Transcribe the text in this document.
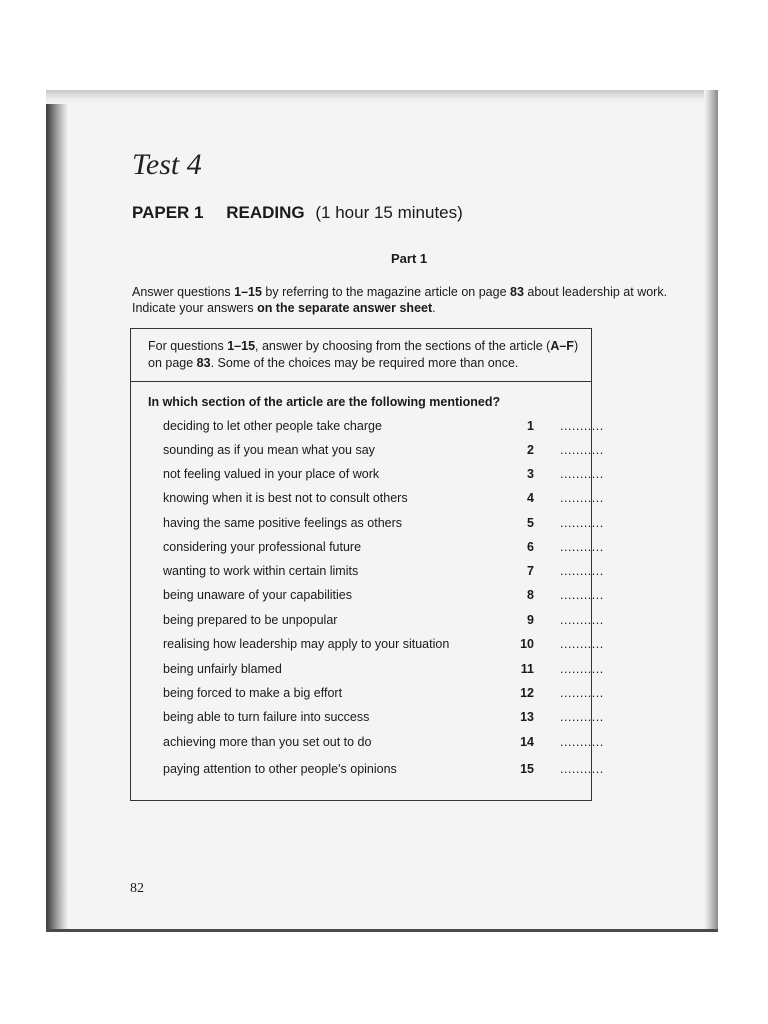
Test 4
PAPER 1 READING (1 hour 15 minutes)
Part 1
Answer questions 1–15 by referring to the magazine article on page 83 about leadership at work.
Indicate your answers on the separate answer sheet.
For questions 1–15, answer by choosing from the sections of the article (A–F)
on page 83. Some of the choices may be required more than once.
In which section of the article are the following mentioned?
deciding to let other people take charge	1 ...........
sounding as if you mean what you say	2 ...........
not feeling valued in your place of work	3 ...........
knowing when it is best not to consult others	4 ...........
having the same positive feelings as others	5 ...........
considering your professional future	6 ...........
wanting to work within certain limits	7 ...........
being unaware of your capabilities	8 ...........
being prepared to be unpopular	9 ...........
realising how leadership may apply to your situation	10 ...........
being unfairly blamed	11 ...........
being forced to make a big effort	12 ...........
being able to turn failure into success	13 ...........
achieving more than you set out to do	14 ...........
paying attention to other people's opinions	15 ...........
82
